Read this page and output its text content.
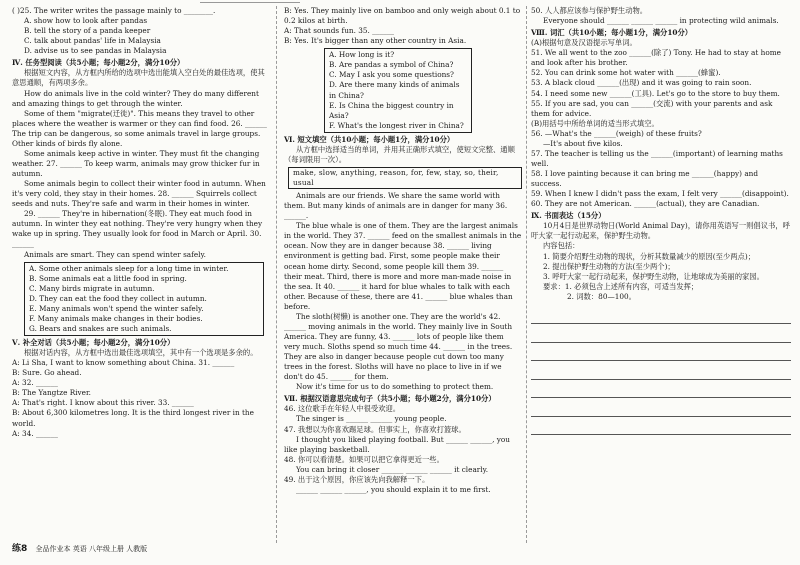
( )25. The writer writes the passage mainly to ________.

A. show how to look after pandas

B. tell the story of a panda keeper

C. talk about pandas' life in Malaysia

D. advise us to see pandas in Malaysia

Ⅳ. 任务型阅读（共5小题；每小题2分，满分10分）

根据短文内容，从方框内所给的选项中选出能填入空白处的最佳选项，使其意思通顺，有两项多余。

How do animals live in the cold winter? They do many different and amazing things to get through the winter.

Some of them "migrate(迁徙)". This means they travel to other places where the weather is warmer or they can find food. 26. ______ The trip can be dangerous, so some animals travel in large groups. Other kinds of birds fly alone.

Some animals keep active in winter. They must fit the changing weather. 27. ______ To keep warm, animals may grow thicker fur in autumn.

Some animals begin to collect their winter food in autumn. When it's very cold, they stay in their homes. 28. ______ Squirrels collect seeds and nuts. They're safe and warm in their homes in winter.

29. ______ They're in hibernation(冬眠). They eat much food in autumn. In winter they eat nothing. They're very hungry when they wake up in spring. They usually look for food in March or April. 30. ______

Animals are smart. They can spend winter safely.

A. Some other animals sleep for a long time in winter.

B. Some animals eat a little food in spring.

C. Many birds migrate in autumn.

D. They can eat the food they collect in autumn.

E. Many animals won't spend the winter safely.

F. Many animals make changes in their bodies.

G. Bears and snakes are such animals.

Ⅴ. 补全对话（共5小题；每小题2分，满分10分）

根据对话内容，从方框中选出最佳选项填空，其中有一个选项是多余的。

A: Li Sha, I want to know something about China. 31. ______

B: Sure. Go ahead.

A: 32. ______

B: The Yangtze River.

A: That's right. I know about this river. 33. ______

B: About 6,300 kilometres long. It is the third longest river in the world.

A: 34. ______

B: Yes. They mainly live on bamboo and only weigh about 0.1 to 0.2 kilos at birth.

A: That sounds fun. 35. ______

B: Yes. It's bigger than any other country in Asia.

A. How long is it?

B. Are pandas a symbol of China?

C. May I ask you some questions?

D. Are there many kinds of animals in China?

E. Is China the biggest country in Asia?

F. What's the longest river in China?

Ⅵ. 短文填空（共10小题；每小题1分，满分10分）

从方框中选择适当的单词，并用其正确形式填空，使短文完整、通顺（每词限用一次）。

make, slow, anything, reason, for, few, stay, so, their, usual

Animals are our friends. We share the same world with them. But many kinds of animals are in danger for many 36. ______.

The blue whale is one of them. They are the largest animals in the world. They 37. ______ feed on the smallest animals in the ocean. Now they are in danger because 38. ______ living environment is getting bad. First, some people make their ocean home dirty. Second, some people kill them 39. ______ their meat. Third, there is more and more man-made noise in the sea. It 40. ______ it hard for blue whales to talk with each other. Because of these, there are 41. ______ blue whales than before.

The sloth(树懒) is another one. They are the world's 42. ______ moving animals in the world. They mainly live in South America. They are funny, 43. ______ lots of people like them very much. Sloths spend so much time 44. ______ in the trees. They are also in danger because people cut down too many trees in the forest. Sloths will have no place to live in if we don't do 45. ______ for them.

Now it's time for us to do something to protect them.

Ⅶ. 根据汉语意思完成句子（共5小题；每小题2分，满分10分）

46. 这位歌手在年轻人中很受欢迎。

The singer is ______ ______ young people.

47. 我想以为你喜欢踢足球。但事实上，你喜欢打篮球。

I thought you liked playing football. But ______ ______, you like playing basketball.

48. 你可以看清楚。如果可以把它拿得更近一些。

You can bring it closer ______ ______ ______ it clearly.

49. 出于这个原因，你应该先向我解释一下。

______ ______ ______, you should explain it to me first.

50. 人人都应该参与保护野生动物。

Everyone should ______ ______ ______ in protecting wild animals.

Ⅷ. 词汇（共10小题；每小题1分，满分10分）

(A)根据句意及汉语提示写单词。

51. We all went to the zoo ______(除了) Tony. He had to stay at home and look after his brother.

52. You can drink some hot water with ______(蜂蜜).

53. A black cloud ______(出现) and it was going to rain soon.

54. I need some new ______(工具). Let's go to the store to buy them.

55. If you are sad, you can ______(交流) with your parents and ask them for advice.

(B)用括号中所给单词的适当形式填空。

56. —What's the ______(weigh) of these fruits?

—It's about five kilos.

57. The teacher is telling us the ______(important) of learning maths well.

58. I love painting because it can bring me ______(happy) and success.

59. When I knew I didn't pass the exam, I felt very ______(disappoint).

60. They are not American. ______(actual), they are Canadian.

Ⅸ. 书面表达（15分）

10月4日是世界动物日(World Animal Day)，请你用英语写一则倡议书，呼吁大家一起行动起来，保护野生动物。

内容包括：

1. 简要介绍野生动物的现状，分析其数量减少的原因(至少两点)；

2. 提出保护野生动物的方法(至少两个)；

3. 呼吁大家一起行动起来，保护野生动物，让地球成为美丽的家园。

要求：1. 必须包含上述所有内容，可适当发挥；

2. 词数：80—100。

练8 全品作业本 英语 八年级上册 人教版
